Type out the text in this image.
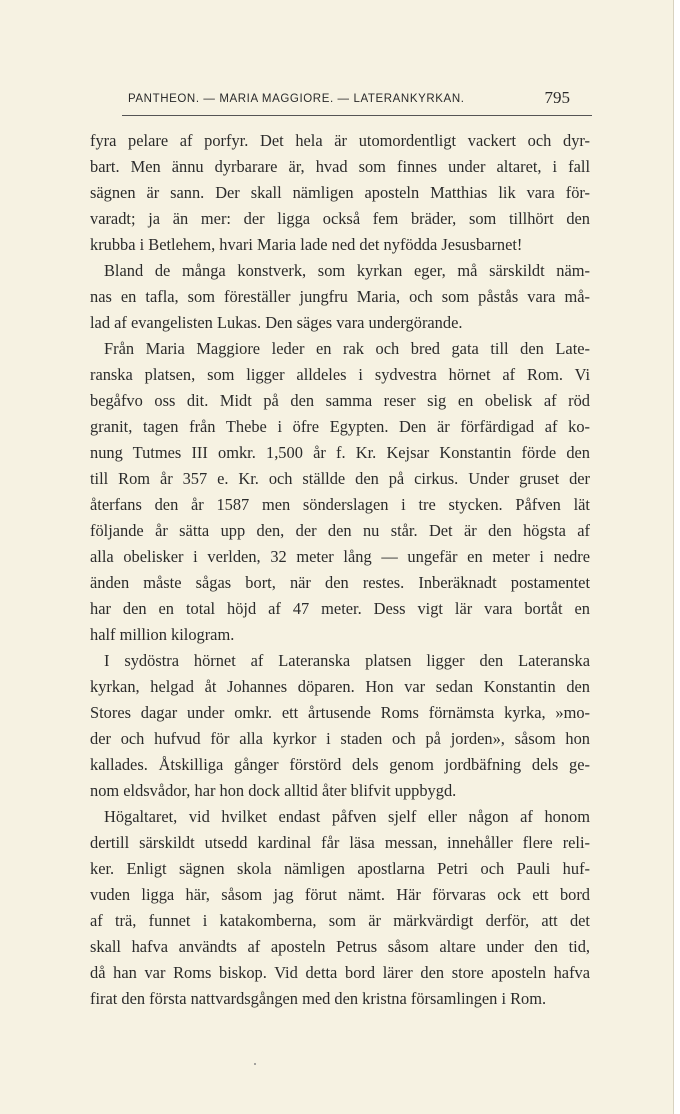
PANTHEON. — MARIA MAGGIORE. — LATERANKYRKAN.	795
fyra pelare af porfyr. Det hela är utomordentligt vackert och dyr-
bart. Men ännu dyrbarare är, hvad som finnes under altaret, i fall
sägnen är sann. Der skall nämligen aposteln Matthias lik vara för-
varadt; ja än mer: der ligga också fem bräder, som tillhört den
krubba i Betlehem, hvari Maria lade ned det nyfödda Jesusbarnet!
Bland de många konstverk, som kyrkan eger, må särskildt näm-
nas en tafla, som föreställer jungfru Maria, och som påstås vara må-
lad af evangelisten Lukas. Den säges vara undergörande.
Från Maria Maggiore leder en rak och bred gata till den Late-
ranska platsen, som ligger alldeles i sydvestra hörnet af Rom. Vi
begåfvo oss dit. Midt på den samma reser sig en obelisk af röd
granit, tagen från Thebe i öfre Egypten. Den är förfärdigad af ko-
nung Tutmes III omkr. 1,500 år f. Kr. Kejsar Konstantin förde den
till Rom år 357 e. Kr. och ställde den på cirkus. Under gruset der
återfans den år 1587 men sönderslagen i tre stycken. Påfven lät
följande år sätta upp den, der den nu står. Det är den högsta af
alla obelisker i verlden, 32 meter lång — ungefär en meter i nedre
änden måste sågas bort, när den restes. Inberäknadt postamentet
har den en total höjd af 47 meter. Dess vigt lär vara bortåt en
half million kilogram.
I sydöstra hörnet af Lateranska platsen ligger den Lateranska
kyrkan, helgad åt Johannes döparen. Hon var sedan Konstantin den
Stores dagar under omkr. ett årtusende Roms förnämsta kyrka, »mo-
der och hufvud för alla kyrkor i staden och på jorden», såsom hon
kallades. Åtskilliga gånger förstörd dels genom jordbäfning dels ge-
nom eldsvådor, har hon dock alltid åter blifvit uppbygd.
Högaltaret, vid hvilket endast påfven sjelf eller någon af honom
dertill särskildt utsedd kardinal får läsa messan, innehåller flere reli-
ker. Enligt sägnen skola nämligen apostlarna Petri och Pauli huf-
vuden ligga här, såsom jag förut nämt. Här förvaras ock ett bord
af trä, funnet i katakomberna, som är märkvärdigt derför, att det
skall hafva användts af aposteln Petrus såsom altare under den tid,
då han var Roms biskop. Vid detta bord lärer den store aposteln hafva
firat den första nattvardsgången med den kristna församlingen i Rom.
